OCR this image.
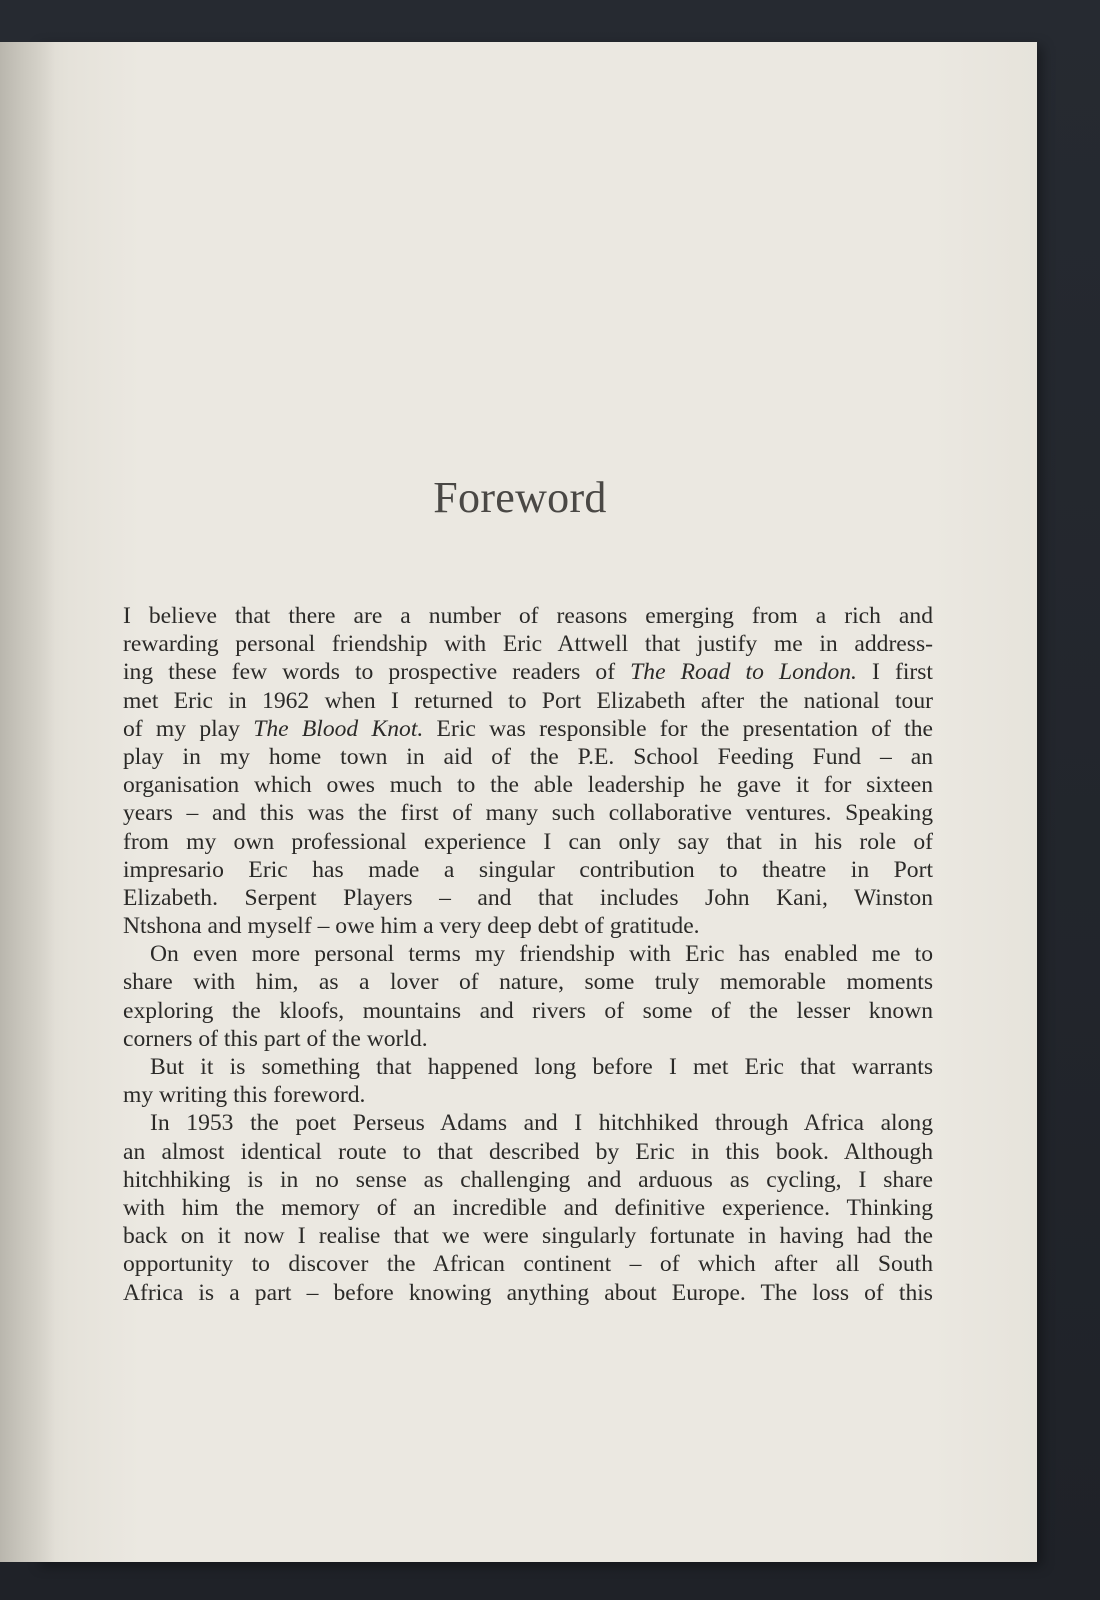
Foreword
I believe that there are a number of reasons emerging from a rich and
rewarding personal friendship with Eric Attwell that justify me in address-
ing these few words to prospective readers of The Road to London. I first
met Eric in 1962 when I returned to Port Elizabeth after the national tour
of my play The Blood Knot. Eric was responsible for the presentation of the
play in my home town in aid of the P.E. School Feeding Fund – an
organisation which owes much to the able leadership he gave it for sixteen
years – and this was the first of many such collaborative ventures. Speaking
from my own professional experience I can only say that in his role of
impresario Eric has made a singular contribution to theatre in Port
Elizabeth. Serpent Players – and that includes John Kani, Winston
Ntshona and myself – owe him a very deep debt of gratitude.
On even more personal terms my friendship with Eric has enabled me to
share with him, as a lover of nature, some truly memorable moments
exploring the kloofs, mountains and rivers of some of the lesser known
corners of this part of the world.
But it is something that happened long before I met Eric that warrants
my writing this foreword.
In 1953 the poet Perseus Adams and I hitchhiked through Africa along
an almost identical route to that described by Eric in this book. Although
hitchhiking is in no sense as challenging and arduous as cycling, I share
with him the memory of an incredible and definitive experience. Thinking
back on it now I realise that we were singularly fortunate in having had the
opportunity to discover the African continent – of which after all South
Africa is a part – before knowing anything about Europe. The loss of this
